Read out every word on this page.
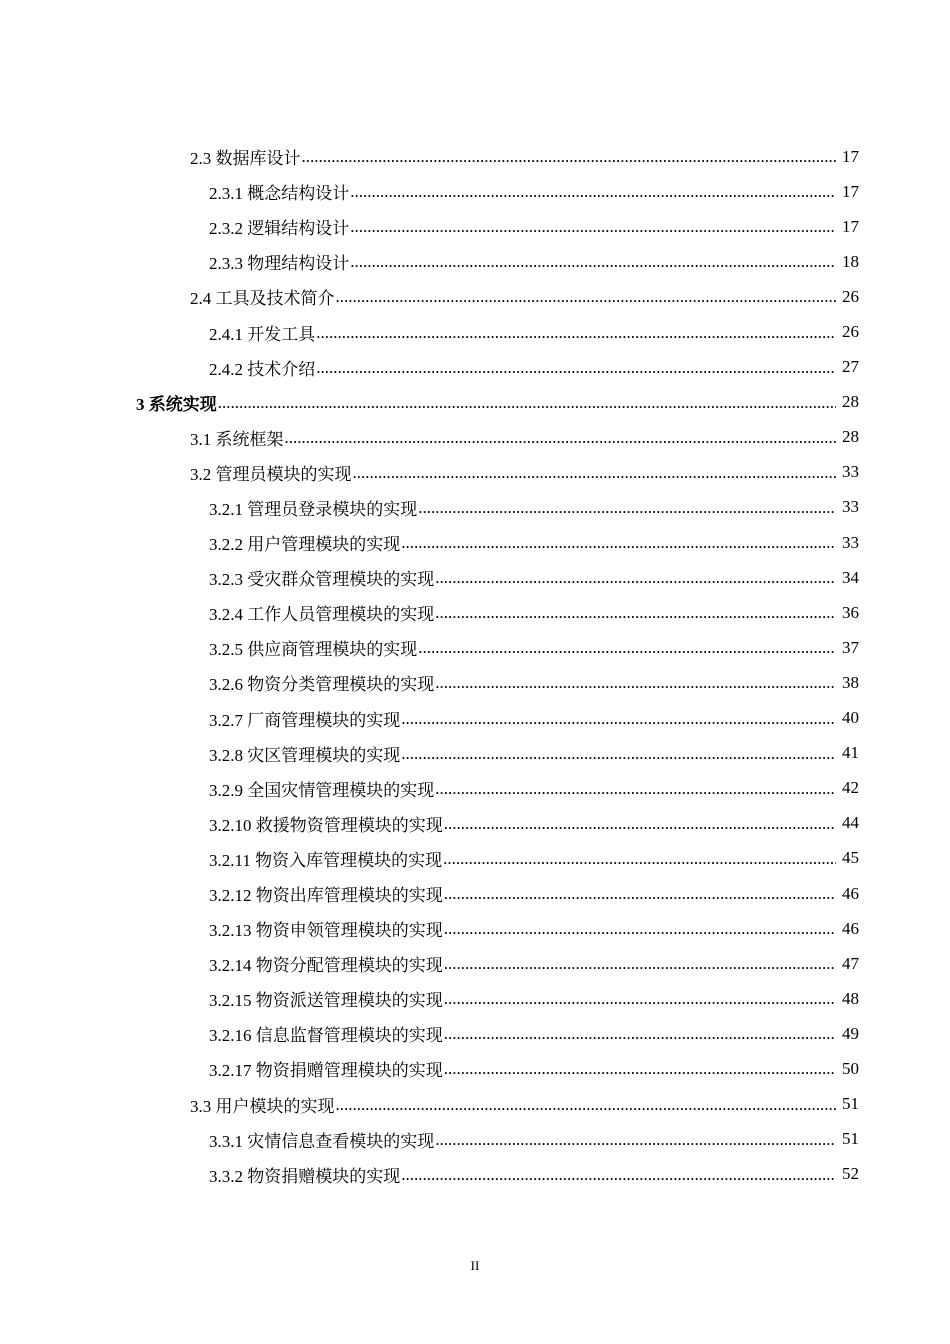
2.3 数据库设计 .....	17
2.3.1 概念结构设计 .....	17
2.3.2 逻辑结构设计 .....	17
2.3.3 物理结构设计 .....	18
2.4 工具及技术简介 .....	26
2.4.1 开发工具 .....	26
2.4.2 技术介绍 .....	27
3 系统实现 .....	28
3.1 系统框架 .....	28
3.2 管理员模块的实现 .....	33
3.2.1 管理员登录模块的实现 .....	33
3.2.2 用户管理模块的实现 .....	33
3.2.3 受灾群众管理模块的实现 .....	34
3.2.4 工作人员管理模块的实现 .....	36
3.2.5 供应商管理模块的实现 .....	37
3.2.6 物资分类管理模块的实现 .....	38
3.2.7 厂商管理模块的实现 .....	40
3.2.8 灾区管理模块的实现 .....	41
3.2.9 全国灾情管理模块的实现 .....	42
3.2.10 救援物资管理模块的实现 .....	44
3.2.11 物资入库管理模块的实现 .....	45
3.2.12 物资出库管理模块的实现 .....	46
3.2.13 物资申领管理模块的实现 .....	46
3.2.14 物资分配管理模块的实现 .....	47
3.2.15 物资派送管理模块的实现 .....	48
3.2.16 信息监督管理模块的实现 .....	49
3.2.17 物资捐赠管理模块的实现 .....	50
3.3 用户模块的实现 .....	51
3.3.1 灾情信息查看模块的实现 .....	51
3.3.2 物资捐赠模块的实现 .....	52
II
